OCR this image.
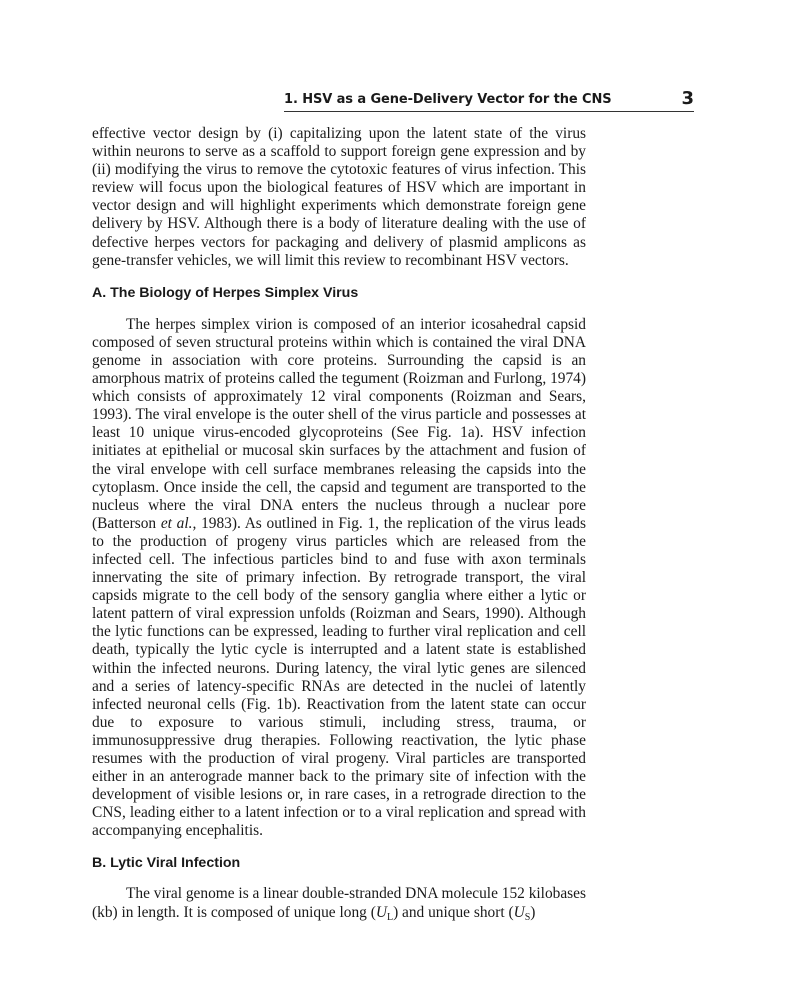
1. HSV as a Gene-Delivery Vector for the CNS	3

effective vector design by (i) capitalizing upon the latent state of the virus within neurons to serve as a scaffold to support foreign gene expression and by (ii) modifying the virus to remove the cytotoxic features of virus infection. This review will focus upon the biological features of HSV which are important in vector design and will highlight experiments which demonstrate foreign gene delivery by HSV. Although there is a body of literature dealing with the use of defective herpes vectors for packaging and delivery of plasmid amplicons as gene-transfer vehicles, we will limit this review to recombinant HSV vectors.

A. The Biology of Herpes Simplex Virus

The herpes simplex virion is composed of an interior icosahedral capsid composed of seven structural proteins within which is contained the viral DNA genome in association with core proteins. Surrounding the capsid is an amorphous matrix of proteins called the tegument (Roizman and Furlong, 1974) which consists of approximately 12 viral components (Roizman and Sears, 1993). The viral envelope is the outer shell of the virus particle and possesses at least 10 unique virus-encoded glycoproteins (See Fig. 1a). HSV infection initiates at epithelial or mucosal skin surfaces by the attachment and fusion of the viral envelope with cell surface membranes releasing the capsids into the cytoplasm. Once inside the cell, the capsid and tegument are transported to the nucleus where the viral DNA enters the nucleus through a nuclear pore (Batterson et al., 1983). As outlined in Fig. 1, the replication of the virus leads to the production of progeny virus particles which are released from the infected cell. The infectious particles bind to and fuse with axon terminals innervating the site of primary infection. By retrograde transport, the viral capsids migrate to the cell body of the sensory ganglia where either a lytic or latent pattern of viral expression unfolds (Roizman and Sears, 1990). Although the lytic functions can be expressed, leading to further viral replication and cell death, typically the lytic cycle is interrupted and a latent state is established within the infected neurons. During latency, the viral lytic genes are silenced and a series of latency-specific RNAs are detected in the nuclei of latently infected neuronal cells (Fig. 1b). Reactivation from the latent state can occur due to exposure to various stimuli, including stress, trauma, or immunosuppressive drug therapies. Following reactivation, the lytic phase resumes with the production of viral progeny. Viral particles are transported either in an anterograde manner back to the primary site of infection with the development of visible lesions or, in rare cases, in a retrograde direction to the CNS, leading either to a latent infection or to a viral replication and spread with accompanying encephalitis.

B. Lytic Viral Infection

The viral genome is a linear double-stranded DNA molecule 152 kilobases (kb) in length. It is composed of unique long $(U_L)$ and unique short $(U_S)$
